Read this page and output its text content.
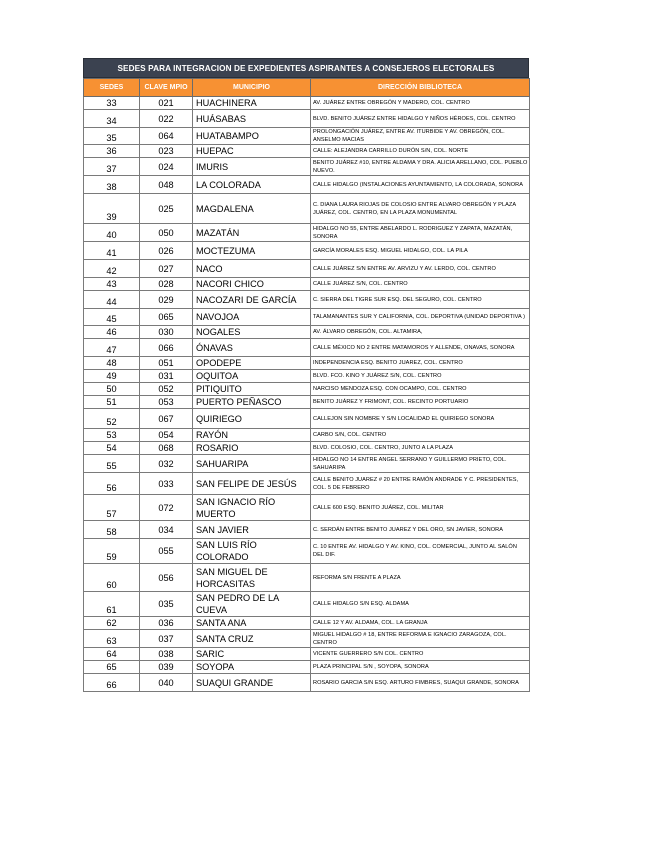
SEDES PARA INTEGRACION DE EXPEDIENTES ASPIRANTES A CONSEJEROS ELECTORALES
SEDES	CLAVE MPIO	MUNICIPIO	DIRECCIÓN BIBLIOTECA
33	021	HUACHINERA	AV. JUÁREZ ENTRE OBREGÓN Y MADERO, COL. CENTRO
34	022	HUÁSABAS	BLVD. BENITO JUÁREZ ENTRE HIDALGO Y NIÑOS HÉROES, COL. CENTRO
35	064	HUATABAMPO	PROLONGACIÓN JUÁREZ, ENTRE AV. ITURBIDE Y AV. OBREGÓN, COL. ANSELMO MACIAS
36	023	HUEPAC	CALLE: ALEJANDRA CARRILLO DURÓN S/N, COL. NORTE
37	024	IMURIS	BENITO JUÁREZ #10, ENTRE ALDAMA Y DRA. ALICIA ARELLANO, COL. PUEBLO NUEVO.
38	048	LA COLORADA	CALLE HIDALGO (INSTALACIONES AYUNTAMIENTO, LA COLORADA, SONORA
39	025	MAGDALENA	C. DIANA LAURA RIOJAS DE COLOSIO ENTRE ALVARO OBREGÓN Y PLAZA JUÁREZ, COL. CENTRO, EN LA PLAZA MONUMENTAL
40	050	MAZATÁN	HIDALGO NO 55, ENTRE ABELARDO L. RODRIGUEZ Y ZAPATA, MAZATÁN, SONORA
41	026	MOCTEZUMA	GARCÍA MORALES ESQ. MIGUEL HIDALGO, COL. LA PILA
42	027	NACO	CALLE JUÁREZ S/N ENTRE AV. ARVIZU Y AV. LERDO, COL. CENTRO
43	028	NACORI CHICO	CALLE JUÁREZ S/N, COL. CENTRO
44	029	NACOZARI DE GARCÍA	C. SIERRA DEL TIGRE SUR ESQ. DEL SEGURO, COL. CENTRO
45	065	NAVOJOA	TALAMANANTES SUR Y CALIFORNIA, COL. DEPORTIVA (UNIDAD DEPORTIVA )
46	030	NOGALES	AV. ÁLVARO OBREGÓN, COL. ALTAMIRA,
47	066	ÓNAVAS	CALLE MÉXICO NO 2 ENTRE MATAMOROS Y ALLENDE, ONAVAS, SONORA
48	051	OPODEPE	INDEPENDENCIA ESQ. BENITO JUAREZ, COL. CENTRO
49	031	OQUITOA	BLVD. FCO. KINO Y JUÁREZ S/N, COL. CENTRO
50	052	PITIQUITO	NARCISO MENDOZA ESQ. CON OCAMPO, COL. CENTRO
51	053	PUERTO PEÑASCO	BENITO JUÁREZ Y FRIMONT, COL. RECINTO PORTUARIO
52	067	QUIRIEGO	CALLEJON SIN NOMBRE Y S/N LOCALIDAD EL QUIRIEGO SONORA
53	054	RAYÓN	CARBO S/N, COL. CENTRO
54	068	ROSARIO	BLVD. COLOSIO, COL. CENTRO, JUNTO A LA PLAZA
55	032	SAHUARIPA	HIDALGO NO 14 ENTRE ANGEL SERRANO Y GUILLERMO PRIETO, COL. SAHUARIPA
56	033	SAN FELIPE DE JESÚS	CALLE BENITO JUAREZ # 20 ENTRE RAMÓN ANDRADE Y C. PRESIDENTES, COL. 5 DE FEBRERO
57	072	SAN IGNACIO RÍO MUERTO	CALLE 600 ESQ. BENITO JUÁREZ, COL. MILITAR
58	034	SAN JAVIER	C. SERDÁN ENTRE BENITO JUAREZ Y DEL ORO, SN JAVIER, SONORA
59	055	SAN LUIS RÍO COLORADO	C. 10 ENTRE AV. HIDALGO Y AV. KINO, COL. COMERCIAL, JUNTO AL SALÓN DEL DIF.
60	056	SAN MIGUEL DE HORCASITAS	REFORMA S/N FRENTE A PLAZA
61	035	SAN PEDRO DE LA CUEVA	CALLE HIDALGO S/N ESQ. ALDAMA
62	036	SANTA ANA	CALLE 12 Y AV. ALDAMA, COL. LA GRANJA
63	037	SANTA CRUZ	MIGUEL HIDALGO # 18, ENTRE REFORMA E IGNACIO ZARAGOZA, COL. CENTRO
64	038	SARIC	VICENTE GUERRERO S/N COL. CENTRO
65	039	SOYOPA	PLAZA PRINCIPAL S/N , SOYOPA, SONORA
66	040	SUAQUI GRANDE	ROSARIO GARCIA S/N ESQ. ARTURO FIMBRES, SUAQUI GRANDE, SONORA
